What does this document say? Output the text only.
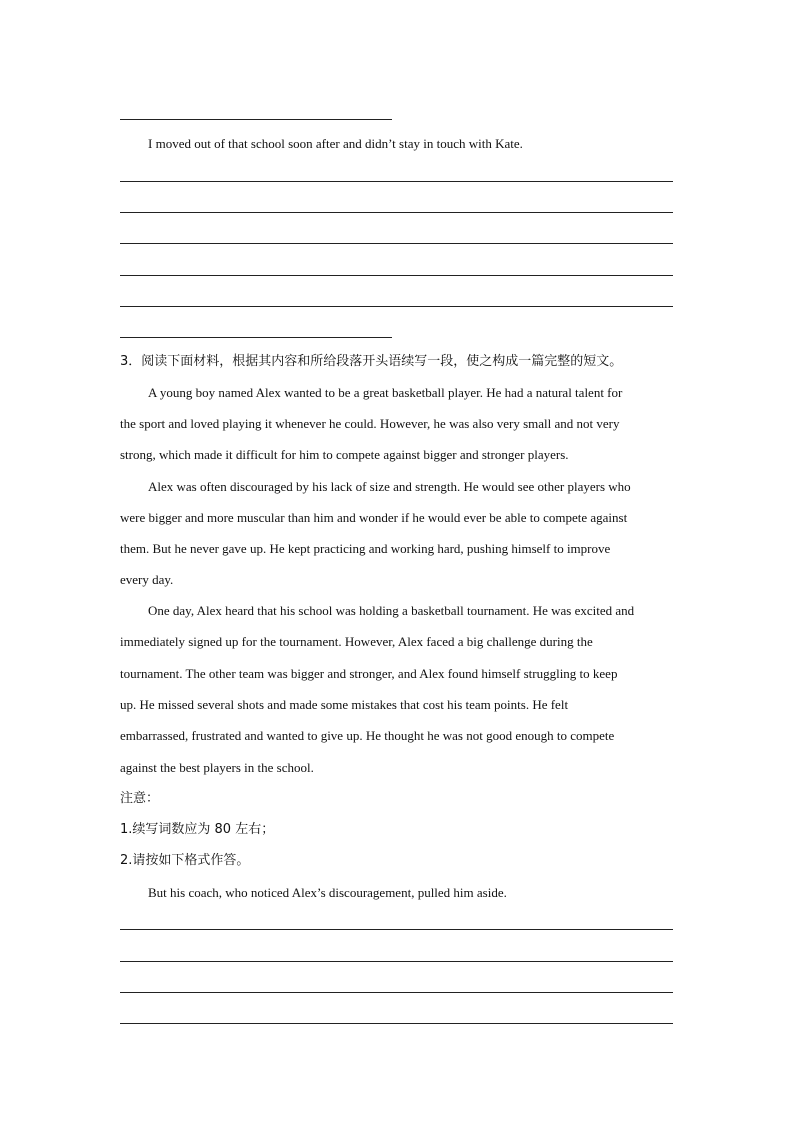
I moved out of that school soon after and didn’t stay in touch with Kate.
3．阅读下面材料，根据其内容和所给段落开头语续写一段，使之构成一篇完整的短文。
A young boy named Alex wanted to be a great basketball player. He had a natural talent for
the sport and loved playing it whenever he could. However, he was also very small and not very
strong, which made it difficult for him to compete against bigger and stronger players.
Alex was often discouraged by his lack of size and strength. He would see other players who
were bigger and more muscular than him and wonder if he would ever be able to compete against
them. But he never gave up. He kept practicing and working hard, pushing himself to improve
every day.
One day, Alex heard that his school was holding a basketball tournament. He was excited and
immediately signed up for the tournament. However, Alex faced a big challenge during the
tournament. The other team was bigger and stronger, and Alex found himself struggling to keep
up. He missed several shots and made some mistakes that cost his team points. He felt
embarrassed, frustrated and wanted to give up. He thought he was not good enough to compete
against the best players in the school.
注意：
1.续写词数应为 80 左右；
2.请按如下格式作答。
But his coach, who noticed Alex’s discouragement, pulled him aside.
